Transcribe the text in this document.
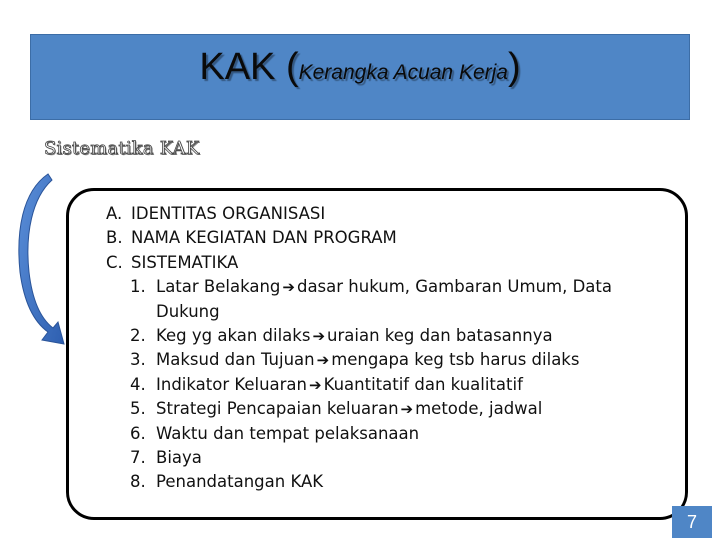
KAK (Kerangka Acuan Kerja)
Sistematika KAK
A. IDENTITAS ORGANISASI
B. NAMA KEGIATAN DAN PROGRAM
C. SISTEMATIKA
1. Latar Belakang ➔ dasar hukum, Gambaran Umum, Data
Dukung
2. Keg yg akan dilaks ➔ uraian keg dan batasannya
3. Maksud dan Tujuan ➔ mengapa keg tsb harus dilaks
4. Indikator Keluaran ➔ Kuantitatif dan kualitatif
5. Strategi Pencapaian keluaran ➔ metode, jadwal
6. Waktu dan tempat pelaksanaan
7. Biaya
8. Penandatangan KAK
7
